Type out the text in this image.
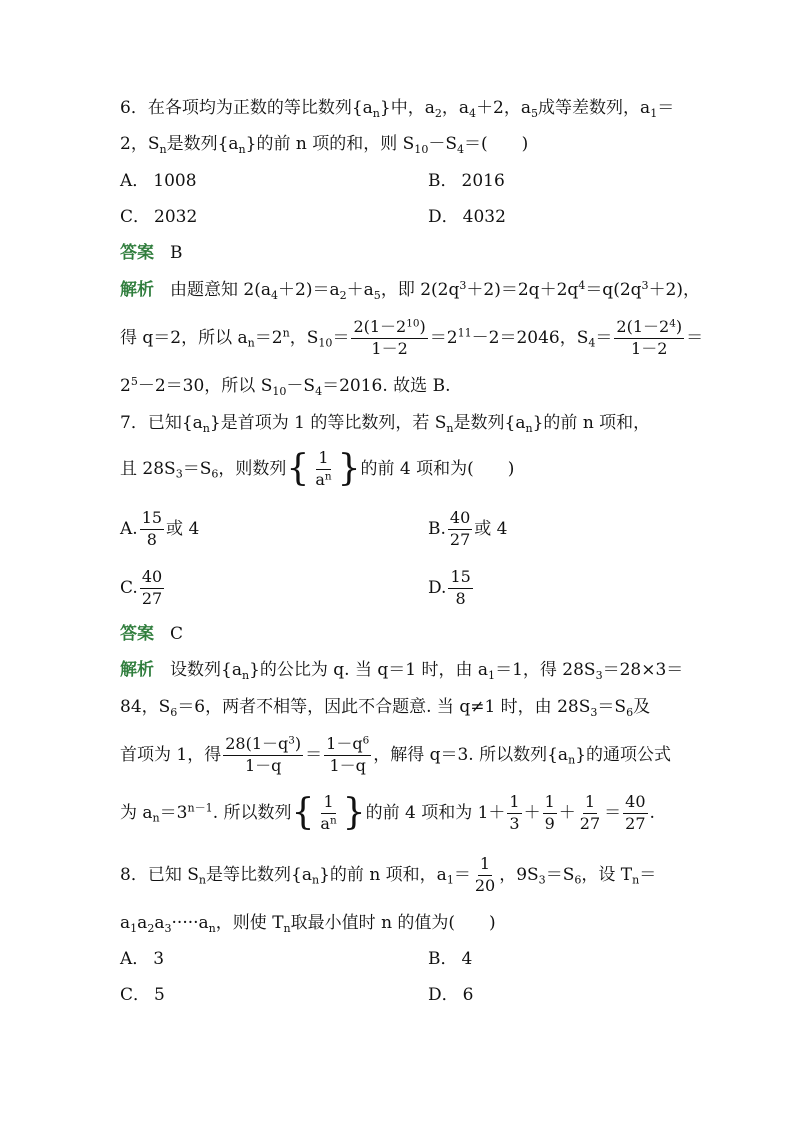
6．在各项均为正数的等比数列$\{a_n\}$中，$a_2$，$a_4+2$，$a_5$成等差数列，$a_1=$
2，$S_n$是数列$\{a_n\}$的前 n 项的和，则 $S_{10}-S_4=$(　　)
A． 1008	B． 2016
C． 2032	D． 4032
答案 B
解析 由题意知 $2(a_4+2)=a_2+a_5$，即 $2(2q^3+2)=2q+2q^4=q(2q^3+2)$，
得 q＝2，所以 $a_n=2^n$，$S_{10}= \frac{2(1-2^{10})}{1-2} =2^{11}-2=2046$，$S_4= \frac{2(1-2^4)}{1-2}$ ＝
$2^5-2=30$，所以 $S_{10}-S_4=2016$. 故选 B.
7．已知$\{a_n\}$是首项为 1 的等比数列，若 $S_n$是数列$\{a_n\}$的前 n 项和，
且 $28S_3=S_6$，则数列 { $\frac{1}{a^n}$ } 的前 4 项和为(　　)
A. $\frac{15}{8}$ 或 4	B. $\frac{40}{27}$ 或 4
C. $\frac{40}{27}$	D. $\frac{15}{8}$
答案 C
解析 设数列$\{a_n\}$的公比为 q. 当 q＝1 时，由 $a_1=1$，得 $28S_3=28\times 3=$
84，$S_6=6$，两者不相等，因此不合题意. 当 q≠1 时，由 $28S_3=S_6$及
首项为 1，得 $\frac{28(1-q^3)}{1-q} = \frac{1-q^6}{1-q}$ ，解得 q＝3. 所以数列$\{a_n\}$的通项公式
为 $a_n=3^{n-1}$. 所以数列 { $\frac{1}{a^n}$ } 的前 4 项和为 $1+ \frac{1}{3} + \frac{1}{9} + \frac{1}{27} = \frac{40}{27}$ .
8．已知 $S_n$是等比数列$\{a_n\}$的前 n 项和，$a_1= \frac{1}{20}$ ，$9S_3=S_6$，设 $T_n=$
$a_1a_2a_3\cdot\cdot\cdot\cdot\cdot a_n$，则使 $T_n$取最小值时 n 的值为(　　)
A． 3	B． 4
C． 5	D． 6
